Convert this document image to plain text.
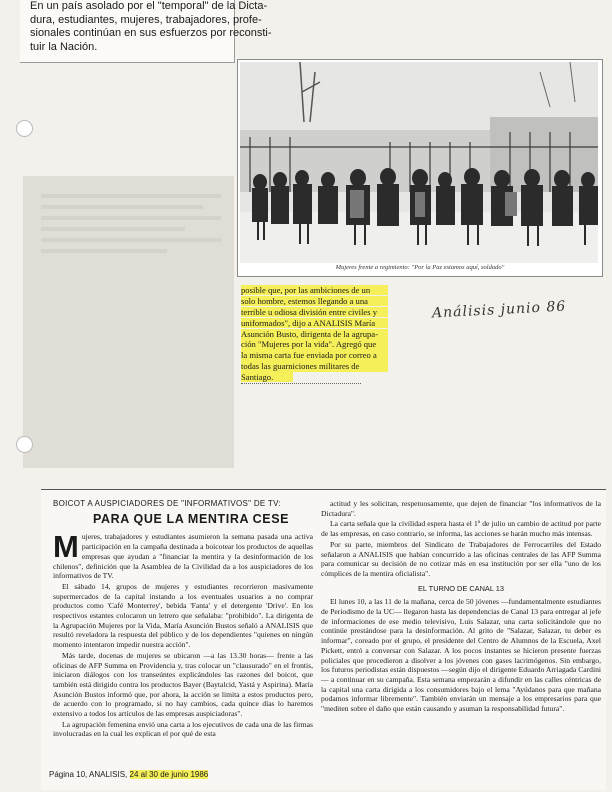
En un país asolado por el "temporal" de la Dicta-
dura, estudiantes, mujeres, trabajadores, profe-
sionales continúan en sus esfuerzos por reconsti-
tuir la Nación.
Mujeres frente a regimiento: "Por la Paz estamos aquí, soldado"
posible que, por las ambiciones de un
solo hombre, estemos llegando a una
terrible u odiosa división entre civiles y
uniformados", dijo a ANALISIS María
Asunción Busto, dirigenta de la agrupa-
ción "Mujeres por la vida". Agregó que
la misma carta fue enviada por correo a
todas las guarniciones militares de
Santiago.
Análisis junio 86
BOICOT A AUSPICIADORES DE "INFORMATIVOS" DE TV:
PARA QUE LA MENTIRA CESE

Mujeres, trabajadores y estudiantes asumieron la semana pasada una activa participación en la campaña destinada a boicotear los productos de aquellas empresas que ayudan a "financiar la mentira y la desinformación de los chilenos", definición que la Asamblea de la Civilidad da a los auspiciadores de los informativos de TV.

El sábado 14, grupos de mujeres y estudiantes recorrieron masivamente supermercados de la capital instando a los eventuales usuarios a no comprar productos como 'Café Monterrey', bebida 'Fanta' y el detergente 'Drive'. En los respectivos estantes colocaron un letrero que señalaba: "prohibido". La dirigenta de la Agrupación Mujeres por la Vida, María Asunción Bustos señaló a ANALISIS que resultó reveladora la respuesta del público y de los dependientes "quienes en ningún momento intentaron impedir nuestra acción".

Más tarde, docenas de mujeres se ubicaron —a las 13.30 horas— frente a las oficinas de AFP Summa en Providencia y, tras colocar un "clausurado" en el frontis, iniciaron diálogos con los transeúntes explicándoles las razones del boicot, que también está dirigido contra los productos Bayer (Baytalcid, Yastá y Aspirina). María Asunción Bustos informó que, por ahora, la acción se limita a estos productos pero, de acuerdo con lo programado, si no hay cambios, cada quince días lo haremos extensivo a todos los artículos de las empresas auspiciadoras".

La agrupación femenina envió una carta a los ejecutivos de cada una de las firmas involucradas en la cual les explican el por qué de esta

actitud y les solicitan, respetuosamente, que dejen de financiar "los informativos de la Dictadura".

La carta señala que la civilidad espera hasta el 1º de julio un cambio de actitud por parte de las empresas, en caso contrario, se informa, las acciones se harán mucho más intensas.

Por su parte, miembros del Sindicato de Trabajadores de Ferrocarriles del Estado señalaron a ANALISIS que habían concurrido a las oficinas centrales de las AFP Summa para comunicar su decisión de no cotizar más en esa institución por ser ella "uno de los cómplices de la mentira oficialista".

EL TURNO DE CANAL 13

El lunes 10, a las 11 de la mañana, cerca de 50 jóvenes —fundamentalmente estudiantes de Periodismo de la UC— llegaron hasta las dependencias de Canal 13 para entregar al jefe de informaciones de ese medio televisivo, Luis Salazar, una carta solicitándole que no continúe prestándose para la desinformación. Al grito de "Salazar, Salazar, tu deber es informar", coreado por el grupo, el presidente del Centro de Alumnos de la Escuela, Axel Pickett, entró a conversar con Salazar. A los pocos instantes se hicieron presente fuerzas policiales que procedieron a disolver a los jóvenes con gases lacrimógenos. Sin embargo, los futuros periodistas están dispuestos —según dijo el dirigente Eduardo Arriagada Cardini— a continuar en su campaña. Esta semana empezarán a difundir en las calles céntricas de la capital una carta dirigida a los consumidores bajo el lema "Ayúdanos para que mañana podamos informar libremente". También enviarán un mensaje a los empresarios para que "mediten sobre el daño que están causando y asuman la responsabilidad futura".

Página 10, ANALISIS, 24 al 30 de junio 1986
